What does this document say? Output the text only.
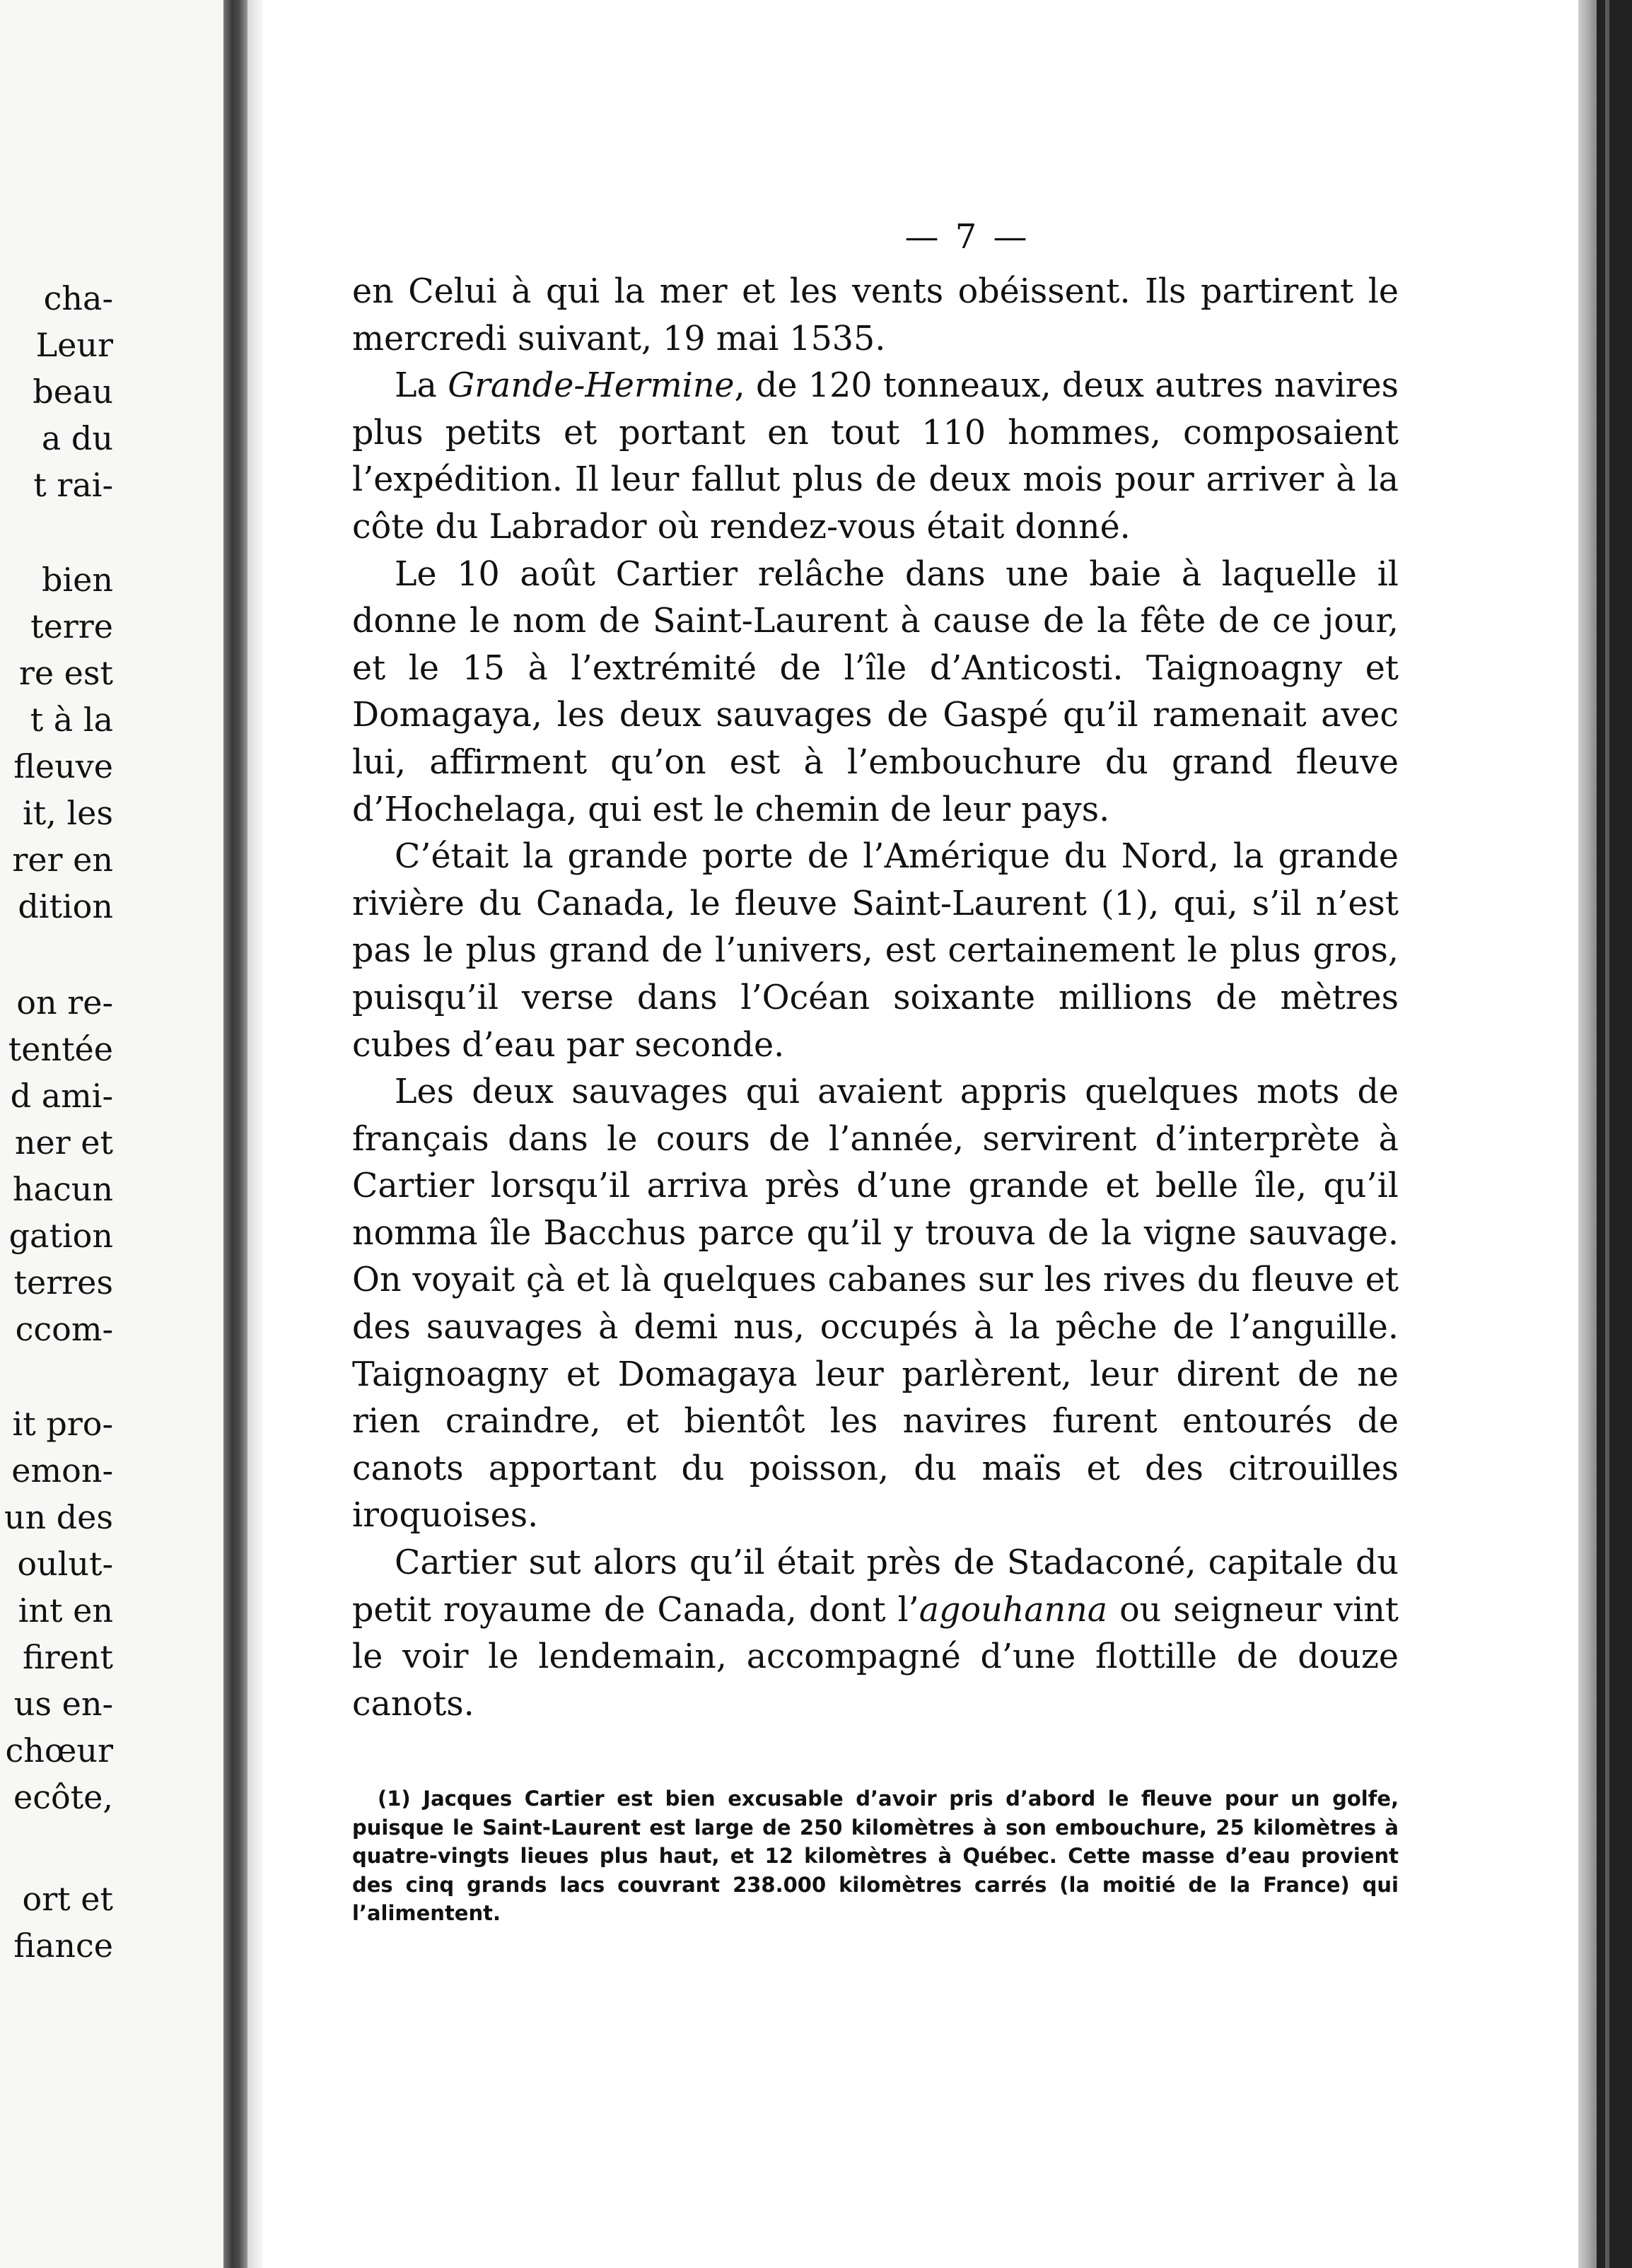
cha-
Leur
beau
a du
t rai-
bien
terre
re est
t à la
fleuve
it, les
rer en
dition
on re-
tentée
d ami-
ner et
hacun
gation
terres
ccom-
it pro-
emon-
un des
oulut-
int en
firent
us en-
chœur
ecôte,
ort et
fiance
— 7 —

en Celui à qui la mer et les vents obéissent. Ils partirent le mercredi suivant, 19 mai 1535.

La Grande-Hermine, de 120 tonneaux, deux autres navires plus petits et portant en tout 110 hommes, composaient l’expédition. Il leur fallut plus de deux mois pour arriver à la côte du Labrador où rendez-vous était donné.

Le 10 août Cartier relâche dans une baie à laquelle il donne le nom de Saint-Laurent à cause de la fête de ce jour, et le 15 à l’extrémité de l’île d’Anticosti. Taignoagny et Domagaya, les deux sauvages de Gaspé qu’il ramenait avec lui, affirment qu’on est à l’embouchure du grand fleuve d’Hochelaga, qui est le chemin de leur pays.

C’était la grande porte de l’Amérique du Nord, la grande rivière du Canada, le fleuve Saint-Laurent (1), qui, s’il n’est pas le plus grand de l’univers, est certainement le plus gros, puisqu’il verse dans l’Océan soixante millions de mètres cubes d’eau par seconde.

Les deux sauvages qui avaient appris quelques mots de français dans le cours de l’année, servirent d’interprète à Cartier lorsqu’il arriva près d’une grande et belle île, qu’il nomma île Bacchus parce qu’il y trouva de la vigne sauvage. On voyait çà et là quelques cabanes sur les rives du fleuve et des sauvages à demi nus, occupés à la pêche de l’anguille. Taignoagny et Domagaya leur parlèrent, leur dirent de ne rien craindre, et bientôt les navires furent entourés de canots apportant du poisson, du maïs et des citrouilles iroquoises.

Cartier sut alors qu’il était près de Stadaconé, capitale du petit royaume de Canada, dont l’agouhanna ou seigneur vint le voir le lendemain, accompagné d’une flottille de douze canots.

(1) Jacques Cartier est bien excusable d’avoir pris d’abord le fleuve pour un golfe, puisque le Saint-Laurent est large de 250 kilomètres à son embouchure, 25 kilomètres à quatre-vingts lieues plus haut, et 12 kilomètres à Québec. Cette masse d’eau provient des cinq grands lacs couvrant 238.000 kilomètres carrés (la moitié de la France) qui l’alimentent.
